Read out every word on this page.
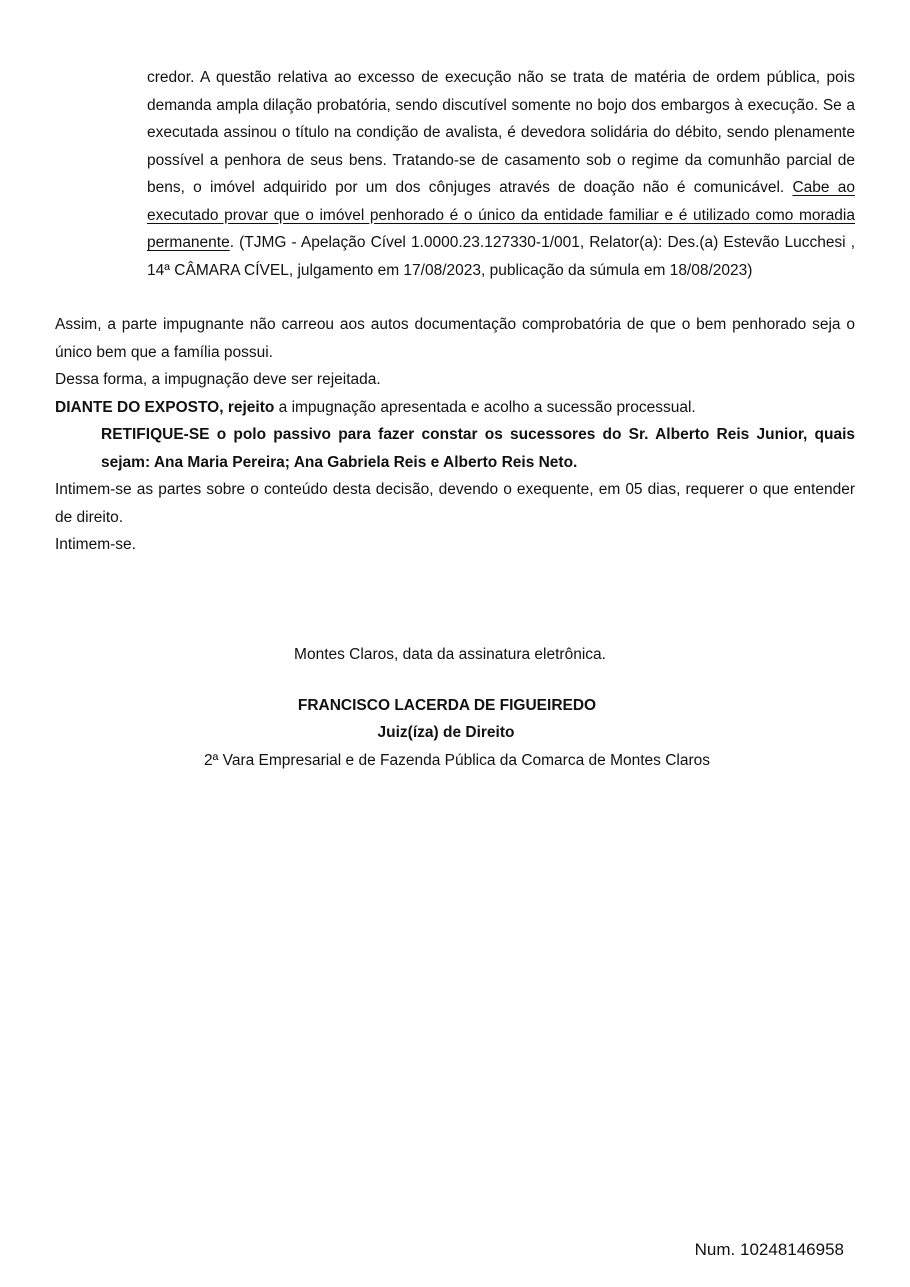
credor. A questão relativa ao excesso de execução não se trata de matéria de ordem pública, pois demanda ampla dilação probatória, sendo discutível somente no bojo dos embargos à execução. Se a executada assinou o título na condição de avalista, é devedora solidária do débito, sendo plenamente possível a penhora de seus bens. Tratando-se de casamento sob o regime da comunhão parcial de bens, o imóvel adquirido por um dos cônjuges através de doação não é comunicável. Cabe ao executado provar que o imóvel penhorado é o único da entidade familiar e é utilizado como moradia permanente. (TJMG - Apelação Cível 1.0000.23.127330-1/001, Relator(a): Des.(a) Estevão Lucchesi , 14ª CÂMARA CÍVEL, julgamento em 17/08/2023, publicação da súmula em 18/08/2023)

Assim, a parte impugnante não carreou aos autos documentação comprobatória de que o bem penhorado seja o único bem que a família possui.

Dessa forma, a impugnação deve ser rejeitada.

DIANTE DO EXPOSTO, rejeito a impugnação apresentada e acolho a sucessão processual.

RETIFIQUE-SE o polo passivo para fazer constar os sucessores do Sr. Alberto Reis Junior, quais sejam: Ana Maria Pereira; Ana Gabriela Reis e Alberto Reis Neto.

Intimem-se as partes sobre o conteúdo desta decisão, devendo o exequente, em 05 dias, requerer o que entender de direito.

Intimem-se.

Montes Claros, data da assinatura eletrônica.
FRANCISCO LACERDA DE FIGUEIREDO
Juiz(íza) de Direito
2ª Vara Empresarial e de Fazenda Pública da Comarca de Montes Claros
Num. 10248146958
